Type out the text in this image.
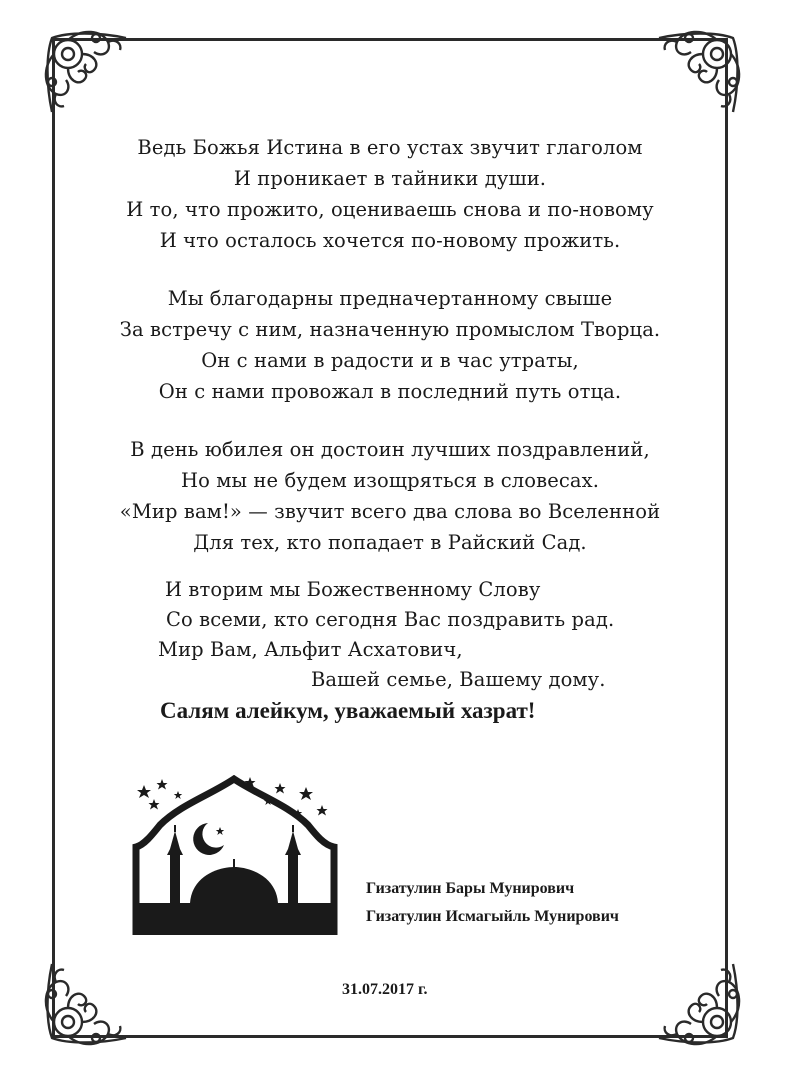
Ведь Божья Истина в его устах звучит глаголом
И проникает в тайники души.
И то, что прожито, оцениваешь снова и по-новому
И что осталось хочется по-новому прожить.
Мы благодарны предначертанному свыше
За встречу с ним, назначенную промыслом Творца.
Он с нами в радости и в час утраты,
Он с нами провожал в последний путь отца.
В день юбилея он достоин лучших поздравлений,
Но мы не будем изощряться в словесах.
«Мир вам!» — звучит всего два слова во Вселенной
Для тех, кто попадает в Райский Сад.
И вторим мы Божественному Слову
Со всеми, кто сегодня Вас поздравить рад.
Мир Вам, Альфит Асхатович,
Вашей семье, Вашему дому.
Салям алейкум, уважаемый хазрат!
Гизатулин Бары Мунирович
Гизатулин Исмагыйль Мунирович
31.07.2017 г.
